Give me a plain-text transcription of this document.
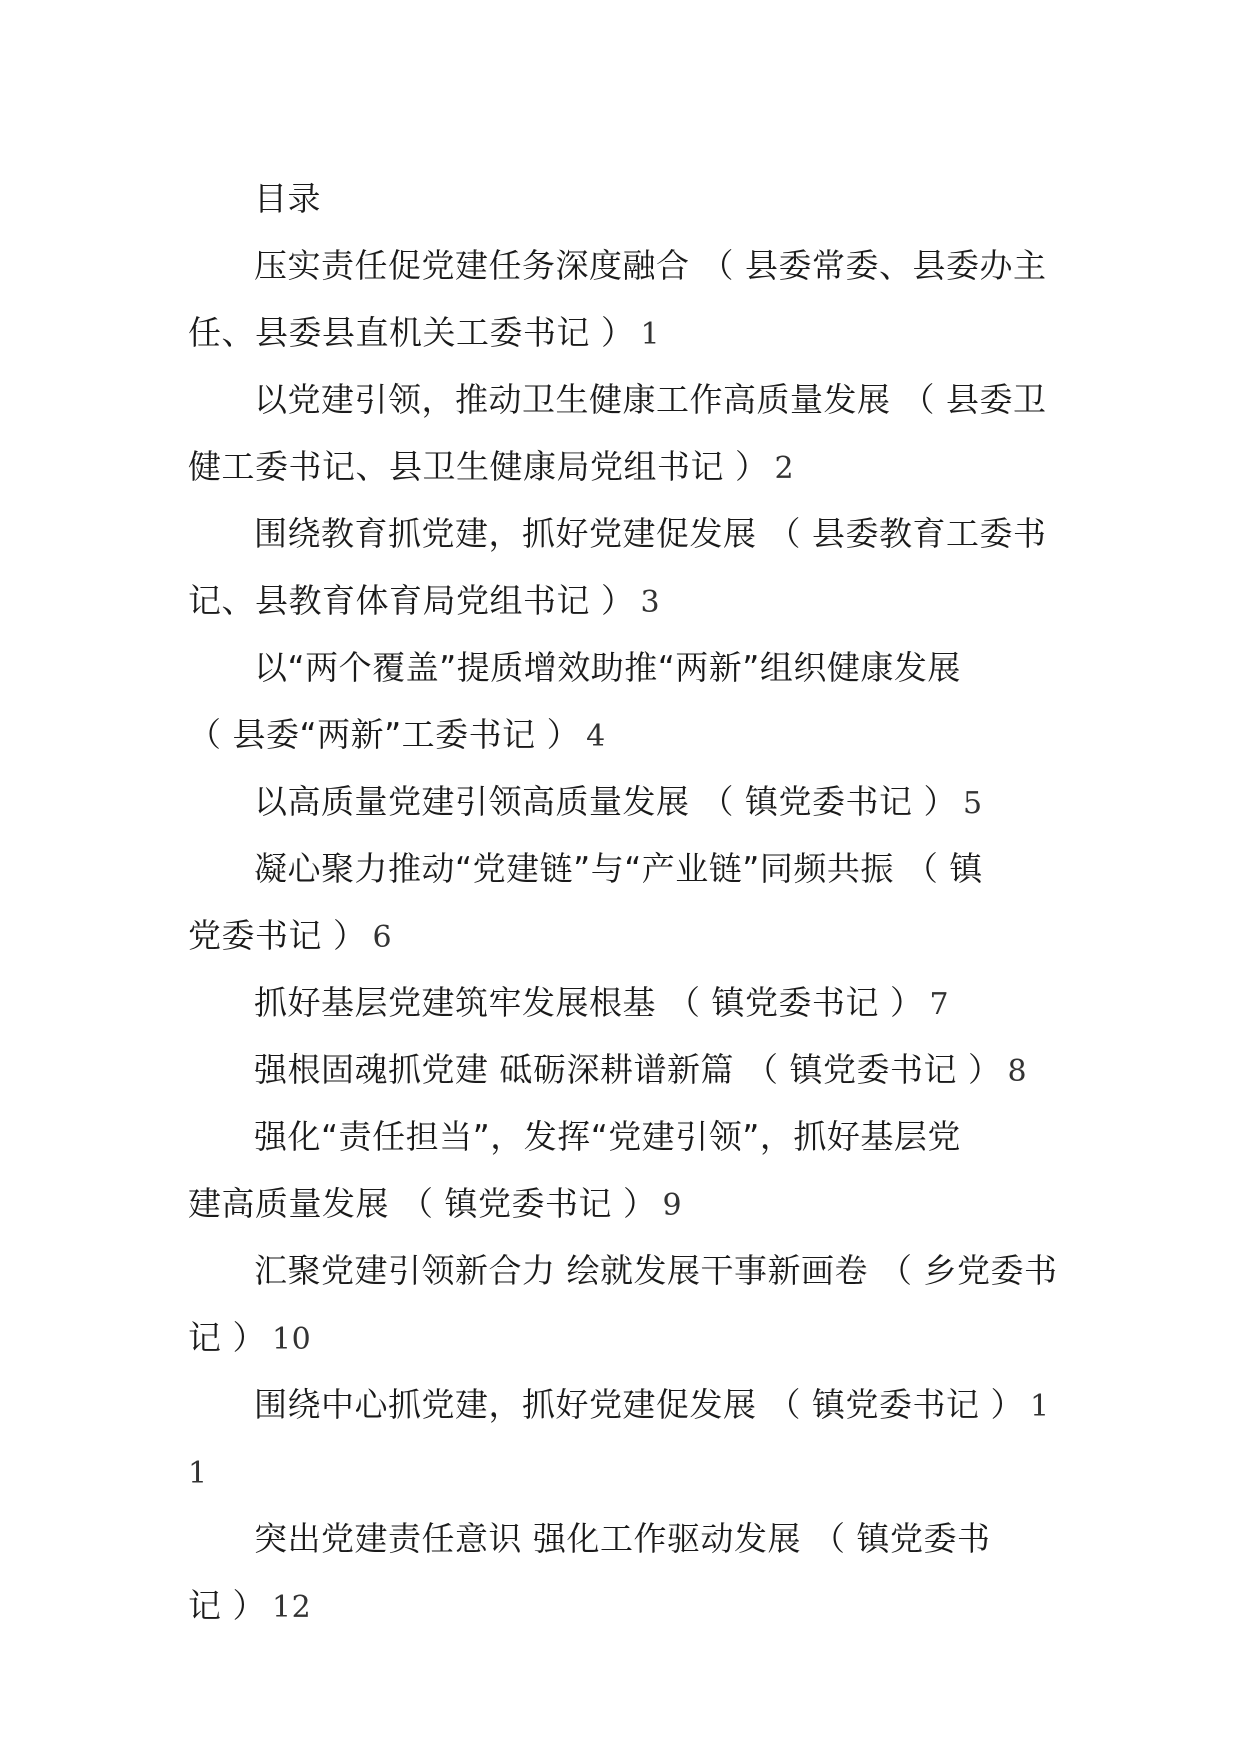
目录
压实责任促党建任务深度融合 （ 县委常委、县委办主
任、县委县直机关工委书记 ） 1
以党建引领，推动卫生健康工作高质量发展 （ 县委卫
健工委书记、县卫生健康局党组书记 ） 2
围绕教育抓党建，抓好党建促发展 （ 县委教育工委书
记、县教育体育局党组书记 ） 3
以“两个覆盖”提质增效助推“两新”组织健康发展
（ 县委“两新”工委书记 ） 4
以高质量党建引领高质量发展 （ 镇党委书记 ） 5
凝心聚力推动“党建链”与“产业链”同频共振 （ 镇
党委书记 ） 6
抓好基层党建筑牢发展根基 （ 镇党委书记 ） 7
强根固魂抓党建 砥砺深耕谱新篇 （ 镇党委书记 ） 8
强化“责任担当”，发挥“党建引领”，抓好基层党
建高质量发展 （ 镇党委书记 ） 9
汇聚党建引领新合力 绘就发展干事新画卷 （ 乡党委书
记 ） 10
围绕中心抓党建，抓好党建促发展 （ 镇党委书记 ） 1
1
突出党建责任意识 强化工作驱动发展 （ 镇党委书
记 ） 12
